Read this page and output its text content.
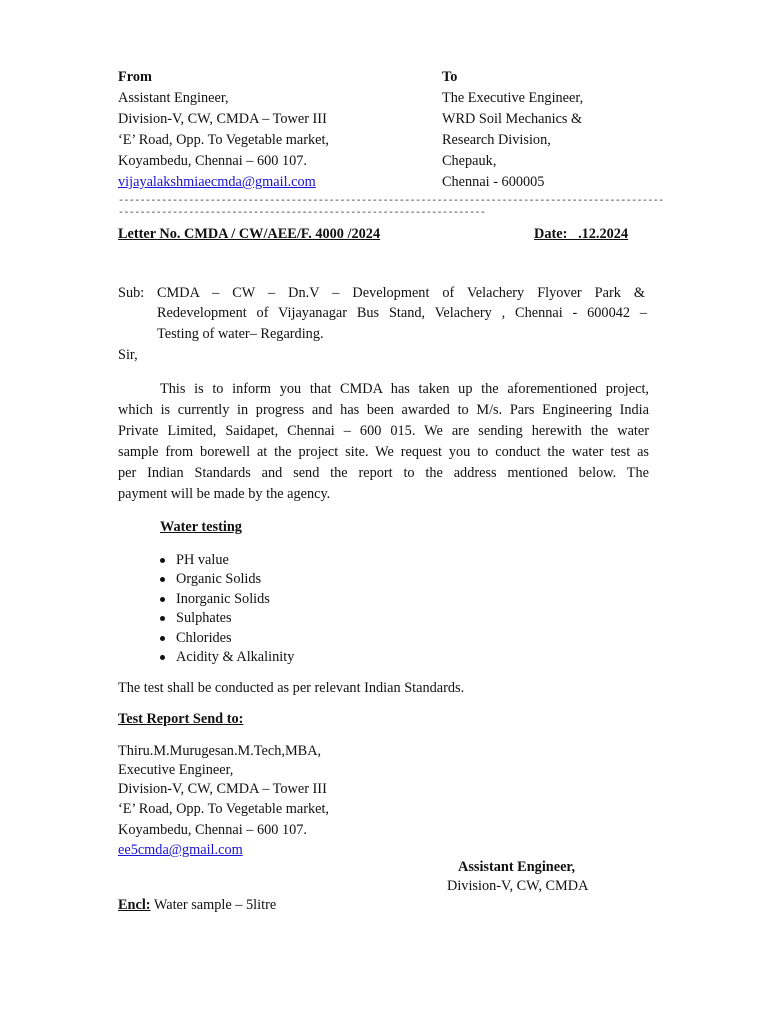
From
Assistant Engineer,
Division-V, CW, CMDA – Tower III
‘E’ Road, Opp. To Vegetable market,
Koyambedu, Chennai – 600 107.
vijayalakshmiaecmda@gmail.com
To
The Executive Engineer,
WRD Soil Mechanics &
Research Division,
Chepauk,
Chennai - 600005
-------------------------------------------------------------------------------------------------------------------------------------------------------------------------
Letter No. CMDA / CW/AEE/F. 4000 /2024	Date:   .12.2024
Sub: CMDA – CW – Dn.V – Development of Velachery Flyover Park &
Redevelopment of Vijayanagar Bus Stand, Velachery , Chennai - 600042 –
Testing of water– Regarding.
Sir,
This is to inform you that CMDA has taken up the aforementioned project,
which is currently in progress and has been awarded to M/s. Pars Engineering India
Private Limited, Saidapet, Chennai – 600 015. We are sending herewith the water
sample from borewell at the project site. We request you to conduct the water test as
per Indian Standards and send the report to the address mentioned below. The
payment will be made by the agency.
Water testing
PH value
Organic Solids
Inorganic Solids
Sulphates
Chlorides
Acidity & Alkalinity
The test shall be conducted as per relevant Indian Standards.
Test Report Send to:
Thiru.M.Murugesan.M.Tech,MBA,
Executive Engineer,
Division-V, CW, CMDA – Tower III
‘E’ Road, Opp. To Vegetable market,
Koyambedu, Chennai – 600 107.
ee5cmda@gmail.com
Assistant Engineer,
Division-V, CW, CMDA
Encl: Water sample – 5litre
